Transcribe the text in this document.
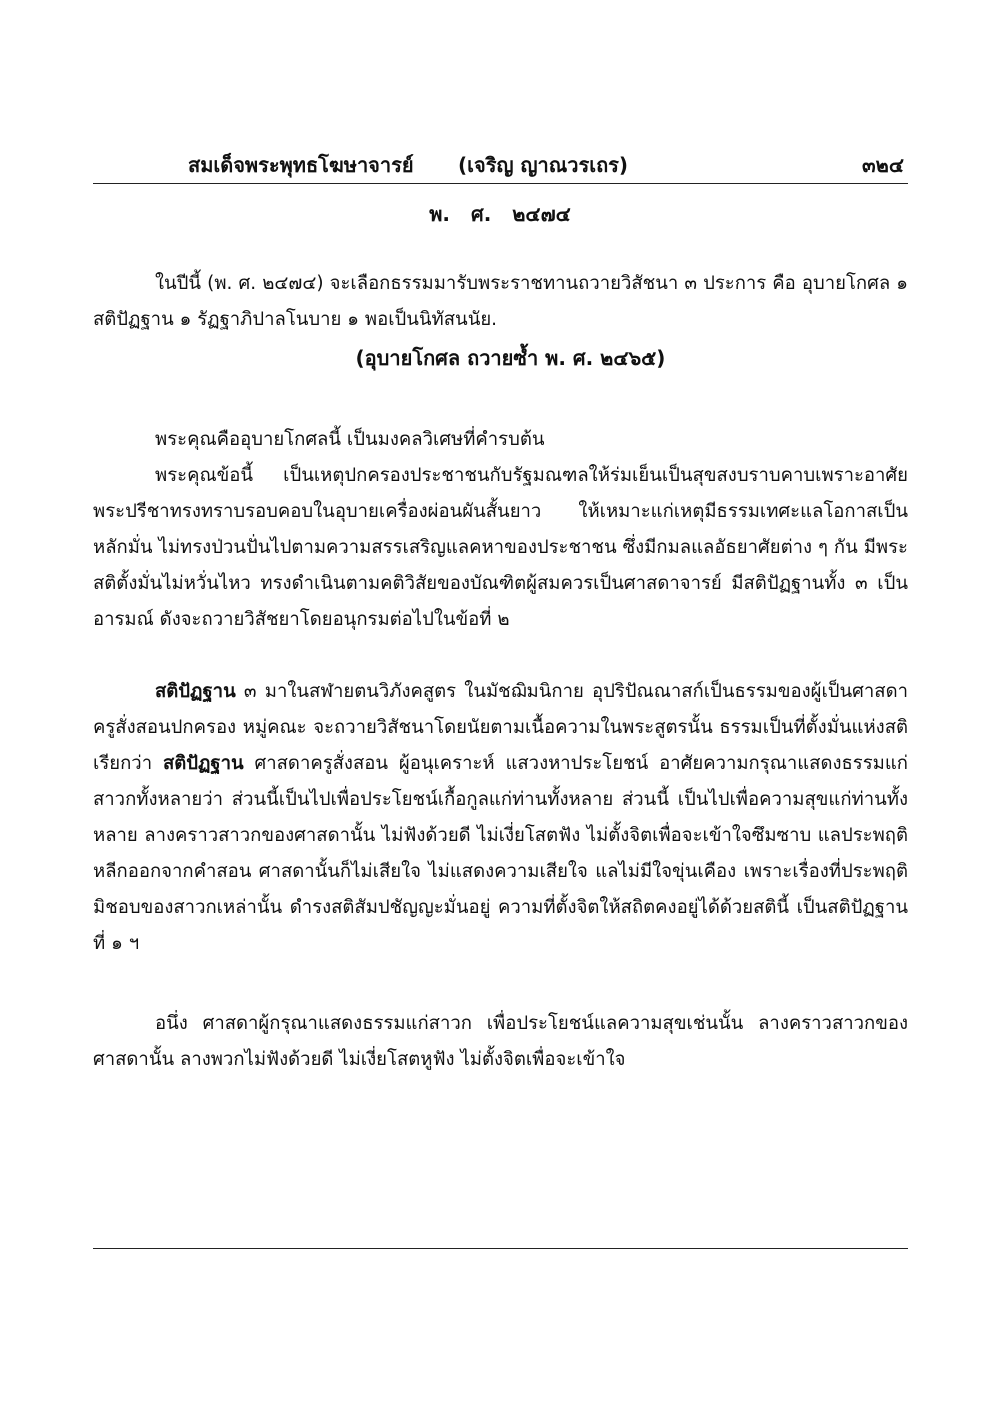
สมเด็จพระพุทธโฆษาจารย์ (เจริญ ญาณวรเถร)	๓๒๔
พ. ศ. ๒๔๗๔

ในปีนี้ (พ. ศ. ๒๔๗๔) จะเลือกธรรมมารับพระราชทานถวายวิสัชนา ๓ ประการ คือ อุบายโกศล ๑ สติปัฏฐาน ๑ รัฏฐาภิปาลโนบาย ๑ พอเป็นนิทัสนนัย.

(อุบายโกศล ถวายซ้ำ พ. ศ. ๒๔๖๕)

พระคุณคืออุบายโกศลนี้ เป็นมงคลวิเศษที่คำรบต้น

พระคุณข้อนี้ เป็นเหตุปกครองประชาชนกับรัฐมณฑลให้ร่มเย็นเป็นสุขสงบราบคาบเพราะอาศัยพระปรีชาทรงทราบรอบคอบในอุบายเครื่องผ่อนผันสั้นยาว ให้เหมาะแก่เหตุมีธรรมเทศะแลโอกาสเป็นหลักมั่น ไม่ทรงป่วนปั่นไปตามความสรรเสริญแลคหาของประชาชน ซึ่งมีกมลแลอัธยาศัยต่าง ๆ กัน มีพระสติตั้งมั่นไม่หวั่นไหว ทรงดำเนินตามคติวิสัยของบัณฑิตผู้สมควรเป็นศาสดาจารย์ มีสติปัฏฐานทั้ง ๓ เป็นอารมณ์ ดังจะถวายวิสัชยาโดยอนุกรมต่อไปในข้อที่ ๒

สติปัฏฐาน ๓ มาในสฬายตนวิภังคสูตร ในมัชฌิมนิกาย อุปริปัณณาสก์เป็นธรรมของผู้เป็นศาสดาครูสั่งสอนปกครอง หมู่คณะ จะถวายวิสัชนาโดยนัยตามเนื้อความในพระสูตรนั้น ธรรมเป็นที่ตั้งมั่นแห่งสติ เรียกว่า สติปัฏฐาน ศาสดาครูสั่งสอน ผู้อนุเคราะห์ แสวงหาประโยชน์ อาศัยความกรุณาแสดงธรรมแก่สาวกทั้งหลายว่า ส่วนนี้เป็นไปเพื่อประโยชน์เกื้อกูลแก่ท่านทั้งหลาย ส่วนนี้ เป็นไปเพื่อความสุขแก่ท่านทั้งหลาย ลางคราวสาวกของศาสดานั้น ไม่ฟังด้วยดี ไม่เงี่ยโสตฟัง ไม่ตั้งจิตเพื่อจะเข้าใจซึมซาบ แลประพฤติหลีกออกจากคำสอน ศาสดานั้นก็ไม่เสียใจ ไม่แสดงความเสียใจ แลไม่มีใจขุ่นเคือง เพราะเรื่องที่ประพฤติมิชอบของสาวกเหล่านั้น ดำรงสติสัมปชัญญะมั่นอยู่ ความที่ตั้งจิตให้สถิตคงอยู่ได้ด้วยสตินี้ เป็นสติปัฏฐานที่ ๑ ฯ

อนึ่ง ศาสดาผู้กรุณาแสดงธรรมแก่สาวก เพื่อประโยชน์แลความสุขเช่นนั้น ลางคราวสาวกของศาสดานั้น ลางพวกไม่ฟังด้วยดี ไม่เงี่ยโสตหูฟัง ไม่ตั้งจิตเพื่อจะเข้าใจ
